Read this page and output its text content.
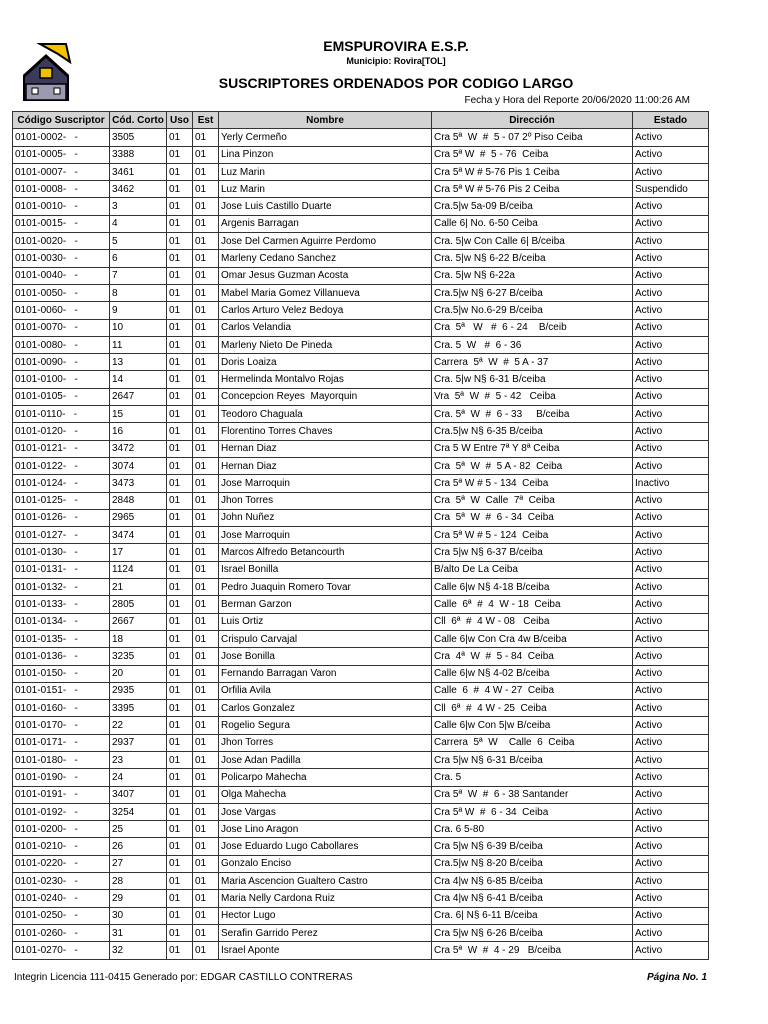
EMSPUROVIRA E.S.P.
Municipio: Rovira[TOL]
SUSCRIPTORES ORDENADOS POR CODIGO LARGO
Fecha y Hora del Reporte 20/06/2020 11:00:26 AM
Código Suscriptor	Cód. Corto	Uso	Est	Nombre	Dirección	Estado
0101-0002-   -	3505	01	01	Yerly Cermeño	Cra 5ª  W  #  5 - 07 2º Piso Ceiba	Activo
0101-0005-   -	3388	01	01	Lina Pinzon	Cra 5ª W  #  5 - 76  Ceiba	Activo
0101-0007-   -	3461	01	01	Luz Marin	Cra 5ª W # 5-76 Pis 1 Ceiba	Activo
0101-0008-   -	3462	01	01	Luz Marin	Cra 5ª W # 5-76 Pis 2 Ceiba	Suspendido
0101-0010-   -	3	01	01	Jose Luis Castillo Duarte	Cra.5|w 5a-09 B/ceiba	Activo
0101-0015-   -	4	01	01	Argenis Barragan	Calle 6| No. 6-50 Ceiba	Activo
0101-0020-   -	5	01	01	Jose Del Carmen Aguirre Perdomo	Cra. 5|w Con Calle 6| B/ceiba	Activo
0101-0030-   -	6	01	01	Marleny Cedano Sanchez	Cra. 5|w N§ 6-22 B/ceiba	Activo
0101-0040-   -	7	01	01	Omar Jesus Guzman Acosta	Cra. 5|w N§ 6-22a	Activo
0101-0050-   -	8	01	01	Mabel Maria Gomez Villanueva	Cra.5|w N§ 6-27 B/ceiba	Activo
0101-0060-   -	9	01	01	Carlos Arturo Velez Bedoya	Cra.5|w No.6-29 B/ceiba	Activo
0101-0070-   -	10	01	01	Carlos Velandia	Cra  5ª   W   #  6 - 24    B/ceib	Activo
0101-0080-   -	11	01	01	Marleny Nieto De Pineda	Cra. 5  W   #  6 - 36	Activo
0101-0090-   -	13	01	01	Doris Loaiza	Carrera  5ª  W  #  5 A - 37	Activo
0101-0100-   -	14	01	01	Hermelinda Montalvo Rojas	Cra. 5|w N§ 6-31 B/ceiba	Activo
0101-0105-   -	2647	01	01	Concepcion Reyes  Mayorquin	Vra  5ª  W  #  5 - 42   Ceiba	Activo
0101-0110-   -	15	01	01	Teodoro Chaguala	Cra. 5ª  W  #  6 - 33     B/ceiba	Activo
0101-0120-   -	16	01	01	Florentino Torres Chaves	Cra.5|w N§ 6-35 B/ceiba	Activo
0101-0121-   -	3472	01	01	Hernan Diaz	Cra 5 W Entre 7ª Y 8ª Ceiba	Activo
0101-0122-   -	3074	01	01	Hernan Diaz	Cra  5ª  W  #  5 A - 82  Ceiba	Activo
0101-0124-   -	3473	01	01	Jose Marroquin	Cra 5ª W # 5 - 134  Ceiba	Inactivo
0101-0125-   -	2848	01	01	Jhon Torres	Cra  5ª  W  Calle  7ª  Ceiba	Activo
0101-0126-   -	2965	01	01	John Nuñez	Cra  5ª  W  #  6 - 34  Ceiba	Activo
0101-0127-   -	3474	01	01	Jose Marroquin	Cra 5ª W # 5 - 124  Ceiba	Activo
0101-0130-   -	17	01	01	Marcos Alfredo Betancourth	Cra 5|w N§ 6-37 B/ceiba	Activo
0101-0131-   -	1124	01	01	Israel Bonilla	B/alto De La Ceiba	Activo
0101-0132-   -	21	01	01	Pedro Juaquin Romero Tovar	Calle 6|w N§ 4-18 B/ceiba	Activo
0101-0133-   -	2805	01	01	Berman Garzon	Calle  6ª  #  4  W - 18  Ceiba	Activo
0101-0134-   -	2667	01	01	Luis Ortiz	Cll  6ª  #  4 W - 08   Ceiba	Activo
0101-0135-   -	18	01	01	Crispulo Carvajal	Calle 6|w Con Cra 4w B/ceiba	Activo
0101-0136-   -	3235	01	01	Jose Bonilla	Cra  4ª  W  #  5 - 84  Ceiba	Activo
0101-0150-   -	20	01	01	Fernando Barragan Varon	Calle 6|w N§ 4-02 B/ceiba	Activo
0101-0151-   -	2935	01	01	Orfilia Avila	Calle  6  #  4 W - 27  Ceiba	Activo
0101-0160-   -	3395	01	01	Carlos Gonzalez	Cll  6ª  #  4 W - 25  Ceiba	Activo
0101-0170-   -	22	01	01	Rogelio Segura	Calle 6|w Con 5|w B/ceiba	Activo
0101-0171-   -	2937	01	01	Jhon Torres	Carrera  5ª  W    Calle  6  Ceiba	Activo
0101-0180-   -	23	01	01	Jose Adan Padilla	Cra 5|w N§ 6-31 B/ceiba	Activo
0101-0190-   -	24	01	01	Policarpo Mahecha	Cra. 5	Activo
0101-0191-   -	3407	01	01	Olga Mahecha	Cra 5ª  W  #  6 - 38 Santander	Activo
0101-0192-   -	3254	01	01	Jose Vargas	Cra 5ª W  #  6 - 34  Ceiba	Activo
0101-0200-   -	25	01	01	Jose Lino Aragon	Cra. 6 5-80	Activo
0101-0210-   -	26	01	01	Jose Eduardo Lugo Cabollares	Cra 5|w N§ 6-39 B/ceiba	Activo
0101-0220-   -	27	01	01	Gonzalo Enciso	Cra.5|w N§ 8-20 B/ceiba	Activo
0101-0230-   -	28	01	01	Maria Ascencion Gualtero Castro	Cra 4|w N§ 6-85 B/ceiba	Activo
0101-0240-   -	29	01	01	Maria Nelly Cardona Ruiz	Cra 4|w N§ 6-41 B/ceiba	Activo
0101-0250-   -	30	01	01	Hector Lugo	Cra. 6| N§ 6-11 B/ceiba	Activo
0101-0260-   -	31	01	01	Serafin Garrido Perez	Cra 5|w N§ 6-26 B/ceiba	Activo
0101-0270-   -	32	01	01	Israel Aponte	Cra 5ª  W  #  4 - 29   B/ceiba	Activo
Integrin Licencia 111-0415 Generado por: EDGAR CASTILLO CONTRERAS	Página No. 1
